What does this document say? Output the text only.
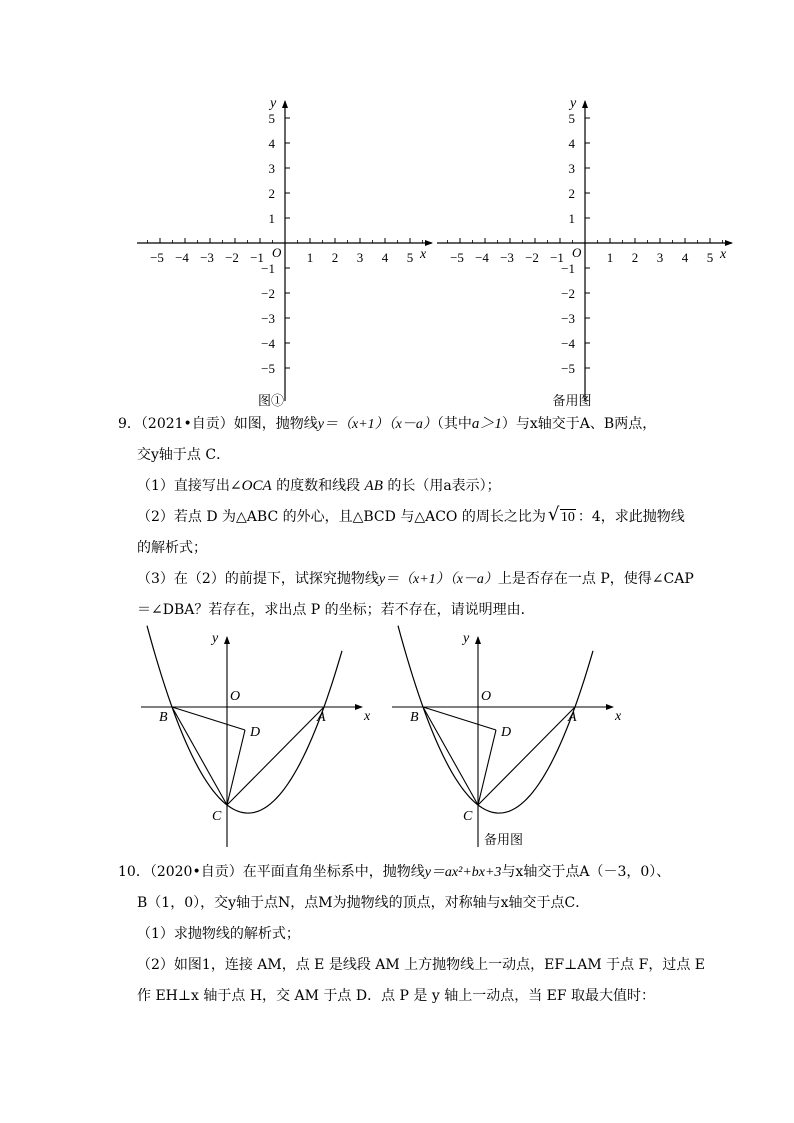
−5 −4 −3 −2 −1	1 2 3 4 5
5
4
3
2
1
−1
−2
−3
−4
−5
O	x
y
图①
−5 −4 −3 −2 −1	1 2 3 4 5
5
4
3
2
1
−1
−2
−3
−4
−5
O	x
y
备用图
9．（2021•自贡）如图，抛物线y＝（x+1）（x－a）（其中a＞1）与x轴交于A、B两点，
交y轴于点 C．
（1）直接写出∠OCA 的度数和线段 AB 的长（用a表示）；
（2）若点 D 为△ABC 的外心，且△BCD 与△ACO 的周长之比为 √ 10 ：4，求此抛物线
的解析式；
（3）在（2）的前提下，试探究抛物线y＝（x+1）（x－a）上是否存在一点 P，使得∠CAP
＝∠DBA？若存在，求出点 P 的坐标；若不存在，请说明理由．
y
x
O
A
B
C
D
y
x
O
A
B
C
D
备用图
10．（2020•自贡）在平面直角坐标系中，抛物线y＝ax²+bx+3与x轴交于点A（－3，0）、
B（1，0），交y轴于点N，点M为抛物线的顶点，对称轴与x轴交于点C．
（1）求抛物线的解析式；
（2）如图1，连接 AM，点 E 是线段 AM 上方抛物线上一动点，EF⊥AM 于点 F，过点 E
作 EH⊥x 轴于点 H，交 AM 于点 D．点 P 是 y 轴上一动点，当 EF 取最大值时：
